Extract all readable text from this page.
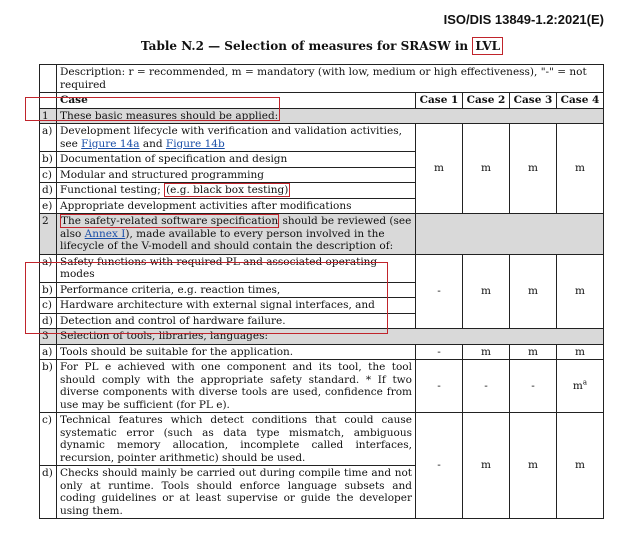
ISO/DIS 13849-1.2:2021(E)
Table N.2 — Selection of measures for SRASW in LVL
	Description: r = recommended, m = mandatory (with low, medium or high effectiveness), "-" = not required				
	Case	Case 1	Case 2	Case 3	Case 4
1	These basic measures should be applied:				
a)	Development lifecycle with verification and validation activities, see Figure 14a and Figure 14b	m	m	m	m
b)	Documentation of specification and design				
c)	Modular and structured programming				
d)	Functional testing; (e.g. black box testing)				
e)	Appropriate development activities after modifications				
2	The safety-related software specification should be reviewed (see also Annex I), made available to every person involved in the lifecycle of the V-modell and should contain the description of:				
a)	Safety functions with required PL and associated operating modes	-	m	m	m
b)	Performance criteria, e.g. reaction times,				
c)	Hardware architecture with external signal interfaces, and				
d)	Detection and control of hardware failure.				
3	Selection of tools, libraries, languages:				
a)	Tools should be suitable for the application.	-	m	m	m
b)	For PL e achieved with one component and its tool, the tool should comply with the appropriate safety standard. * If two diverse components with diverse tools are used, confidence from use may be sufficient (for PL e).	-	-	-	$m^a$
c)	Technical features which detect conditions that could cause systematic error (such as data type mismatch, ambiguous dynamic memory allocation, incomplete called interfaces, recursion, pointer arithmetic) should be used.	-	m	m	m
d)	Checks should mainly be carried out during compile time and not only at runtime. Tools should enforce language subsets and coding guidelines or at least supervise or guide the developer using them.				
